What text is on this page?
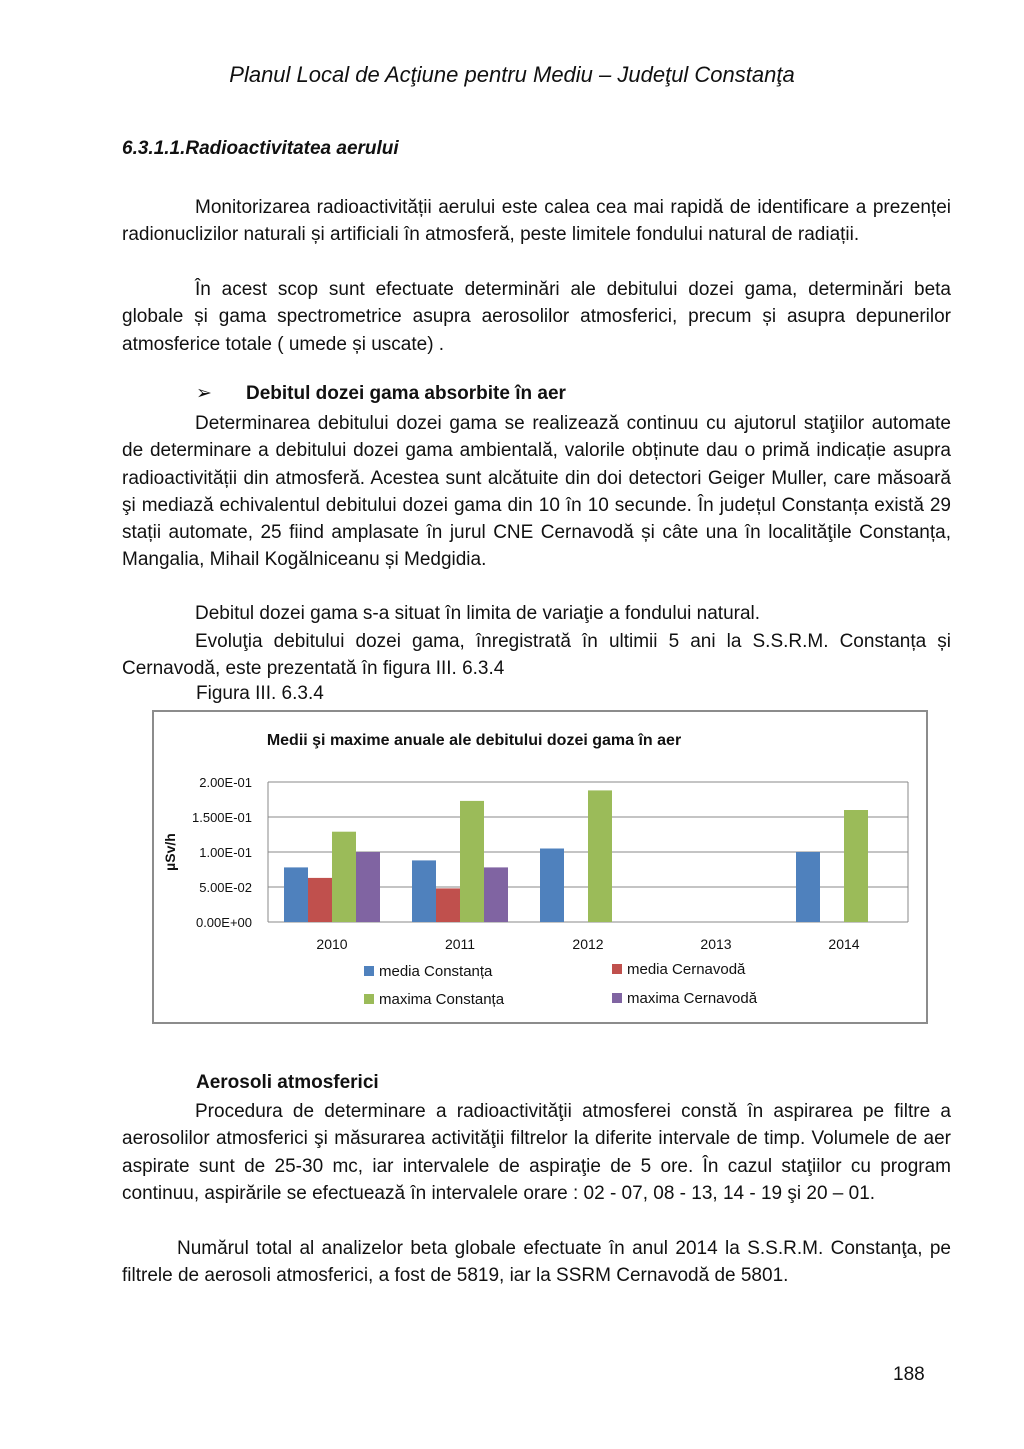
Planul Local de Acţiune pentru Mediu – Judeţul Constanţa
6.3.1.1.Radioactivitatea aerului
Monitorizarea radioactivității aerului este calea cea mai rapidă de identificare a prezenței radionuclizilor naturali și artificiali în atmosferă, peste limitele fondului natural de radiații.
În acest scop sunt efectuate determinări ale debitului dozei gama, determinări beta globale și gama spectrometrice asupra aerosolilor atmosferici, precum și asupra depunerilor atmosferice totale ( umede și uscate) .
➢ Debitul dozei gama absorbite în aer
Determinarea debitului dozei gama se realizează continuu cu ajutorul staţiilor automate de determinare a debitului dozei gama ambientală, valorile obținute dau o primă indicație asupra radioactivității din atmosferă. Acestea sunt alcătuite din doi detectori Geiger Muller, care măsoară şi mediază echivalentul debitului dozei gama din 10 în 10 secunde. În județul Constanța există 29 stații automate, 25 fiind amplasate în jurul CNE Cernavodă și câte una în localităţile Constanța, Mangalia, Mihail Kogălniceanu și Medgidia.
Debitul dozei gama s-a situat în limita de variaţie a fondului natural.
Evoluţia debitului dozei gama, înregistrată în ultimii 5 ani la S.S.R.M. Constanța și Cernavodă, este prezentată în figura III. 6.3.4
Figura III. 6.3.4
Medii şi maxime anuale ale debitului dozei gama în aer
µSv/h
0.00E+00
5.00E-02
1.00E-01
1.500E-01
2.00E-01
2010	2011	2012	2013	2014
media Constanța	media Cernavodă
maxima Constanța	maxima Cernavodă
Aerosoli atmosferici
Procedura de determinare a radioactivităţii atmosferei constă în aspirarea pe filtre a aerosolilor atmosferici şi măsurarea activităţii filtrelor la diferite intervale de timp. Volumele de aer aspirate sunt de 25-30 mc, iar intervalele de aspiraţie de 5 ore. În cazul staţiilor cu program continuu, aspirările se efectuează în intervalele orare : 02 - 07, 08 - 13, 14 - 19 şi 20 – 01.
Numărul total al analizelor beta globale efectuate în anul 2014 la S.S.R.M. Constanţa, pe filtrele de aerosoli atmosferici, a fost de 5819, iar la SSRM Cernavodă de 5801.
188
